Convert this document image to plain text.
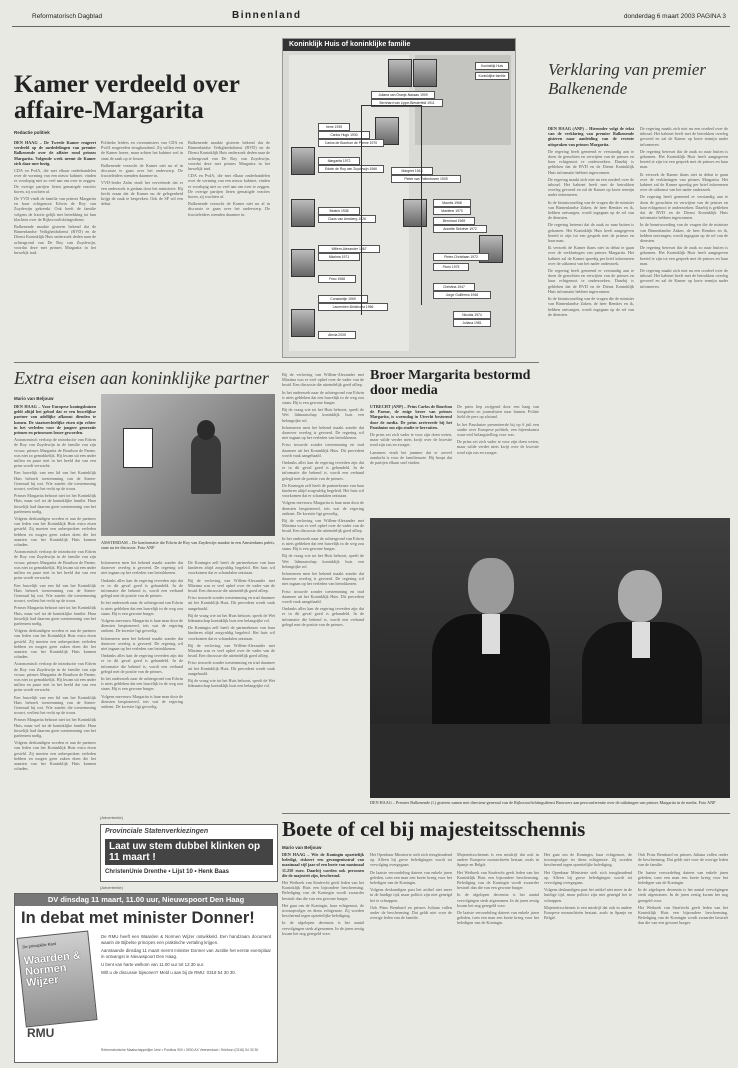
Reformatorisch Dagblad	Binnenland	donderdag 6 maart 2003 PAGINA 3
Kamer verdeeld over affaire-Margarita
Redactie politiek

DEN HAAG – De Tweede Kamer reageert verdeeld op de mededelingen van premier Balkenende over de affaire rond prinses Margarita. Volgende week neemt de Kamer zich daar mee bezig.

CDA en PvdA, die met elkaar onderhandelen over de vorming van een nieuw kabinet, vinden er voorlopig niet zo veel aan om over te zeggen. De overige partijen lieten gematigde reacties horen, zij wachten af.

De VVD vindt de familie van prinses Margarita en haar echtgenoot Edwin de Roy van Zuydewijn gekrenkt. Ook heeft de familie volgens de fractie gelijk met betrekking tot hun klachten over de Rijksvoorlichtingsdienst.

Balkenende maakte gisteren bekend dat de Binnenlandse Veiligheidsdienst (BVD) en de Dienst Koninklijk Huis onderzoek deden naar de achtergrond van De Roy van Zuydewijn, voordat deze met prinses Margarita in het huwelijk trad.

Politieke leiders en viceministers van CDA en PvdA reageerden terughoudend. Zij willen eerst de Kamer horen, maar achten het kabinet wel in staat de zaak op te lossen.

Balkenende verzocht de Kamer niet nu al in discussie te gaan over het onderwerp. De fractieleiders stemden daarmee in.

VVD-leider Zalm vindt het vervelende dat er een onderzoek is gedaan door het ministerie. Hij hecht eraan dat de Kamer nu de gelegenheid krijgt de zaak te bespreken. Ook de SP wil een debat.

Balkenende maakte gisteren bekend dat de Binnenlandse Veiligheidsdienst (BVD) en de Dienst Koninklijk Huis onderzoek deden naar de achtergrond van De Roy van Zuydewijn, voordat deze met prinses Margarita in het huwelijk trad.

CDA en PvdA, die met elkaar onderhandelen over de vorming van een nieuw kabinet, vinden er voorlopig niet zo veel aan om over te zeggen. De overige partijen lieten gematigde reacties horen, zij wachten af.

Balkenende verzocht de Kamer niet nu al in discussie te gaan over het onderwerp. De fractieleiders stemden daarmee in.

Koninklijk Huis of koninklijke familie
Koninklijk Huis
Koninklijke familie
Juliana van Oranje-Nassau 1909
Bernhard van Lippe-Biesterfeld 1911
Irene 1939
Carlos Hugo 1930
Carlos de Bourbon de Parme 1970
Margarita 1972
Edwin de Roy van Zuydewijn 1966
Beatrix 1938
Claus van Amsberg 1926
Willem-Alexander 1967
Máxima 1971
Friso 1968
Constantijn 1969
Laurentien Brinkhorst 1966
Margriet 1943
Pieter van Vollenhoven 1939
Maurits 1968
Marilène 1970
Bernhard 1969
Annette Sekrève 1972
Pieter-Christiaan 1972
Floris 1975
Christina 1947
Jorge Guillermo 1946
Nicolás 1974
Juliana 1981
Alexia 2005
Verklaring van premier Balkenende

DEN HAAG (ANP) – Hieronder volgt de tekst van de verklaring van premier Balkenende gisteren naar aanleiding van de recente uitspraken van prinses Margarita.

De regering heeft gemeend er verstandig aan te doen de geruchten en verwijten van de prinses en haar echtgenoot te onderzoeken. Daarbij is gebleken dat de BVD en de Dienst Koninklijk Huis informatie hebben ingewonnen.

De regering maakt zich niet nu een oordeel over de inhoud. Het kabinet heeft met de betrokken overleg gevoerd en zal de Kamer op korte termijn nader informeren.

In de beantwoording van de vragen die de minister van Binnenlandse Zaken, de heer Remkes en ik, hebben ontvangen, wordt ingegaan op de rol van de diensten.

De regering betreurt dat de zaak zo naar buiten is gekomen. Het Koninklijk Huis heeft aangegeven bereid te zijn tot een gesprek met de prinses en haar man.

Ik verzoek de Kamer thans niet in debat te gaan over de verklaringen van prinses Margarita. Het kabinet zal de Kamer spoedig per brief informeren over de uitkomst van het nader onderzoek.

De regering heeft gemeend er verstandig aan te doen de geruchten en verwijten van de prinses en haar echtgenoot te onderzoeken. Daarbij is gebleken dat de BVD en de Dienst Koninklijk Huis informatie hebben ingewonnen.

In de beantwoording van de vragen die de minister van Binnenlandse Zaken, de heer Remkes en ik, hebben ontvangen, wordt ingegaan op de rol van de diensten.

De regering maakt zich niet nu een oordeel over de inhoud. Het kabinet heeft met de betrokken overleg gevoerd en zal de Kamer op korte termijn nader informeren.

De regering betreurt dat de zaak zo naar buiten is gekomen. Het Koninklijk Huis heeft aangegeven bereid te zijn tot een gesprek met de prinses en haar man.

Ik verzoek de Kamer thans niet in debat te gaan over de verklaringen van prinses Margarita. Het kabinet zal de Kamer spoedig per brief informeren over de uitkomst van het nader onderzoek.

De regering heeft gemeend er verstandig aan te doen de geruchten en verwijten van de prinses en haar echtgenoot te onderzoeken. Daarbij is gebleken dat de BVD en de Dienst Koninklijk Huis informatie hebben ingewonnen.

In de beantwoording van de vragen die de minister van Binnenlandse Zaken, de heer Remkes en ik, hebben ontvangen, wordt ingegaan op de rol van de diensten.

De regering betreurt dat de zaak zo naar buiten is gekomen. Het Koninklijk Huis heeft aangegeven bereid te zijn tot een gesprek met de prinses en haar man.

De regering maakt zich niet nu een oordeel over de inhoud. Het kabinet heeft met de betrokken overleg gevoerd en zal de Kamer op korte termijn nader informeren.

Extra eisen aan koninklijke partner
Mario van Beljouw

DEN HAAG – Voor Europese koningshuizen geldt altijd het gebod dat er een huwelijkse partner van adellijke afkomst dienden te komen. De staatsrechtelijke eisen zijn echter in het verleden voor de jongere generatie prinsen en prinsessen losser geworden.

Astronomisch verloop de introductie van Edwin de Roy van Zuydewijn in de familie van zijn vrouw, prinses Margarita de Bourbon de Parme, was niet zo gemakkelijk. Hij kwam uit een ander milieu en paste niet in het beeld dat van een prins wordt verwacht.

Een huwelijk van een lid van het Koninklijk Huis behoeft toestemming van de Staten-Generaal bij wet. Wie zonder die toestemming trouwt, verliest het recht op de troon.

Prinses Margarita behoort niet tot het Koninklijk Huis, maar wel tot de koninklijke familie. Haar huwelijk had daarom geen toestemming van het parlement nodig.

Volgens deskundigen worden er aan de partners van leden van het Koninklijk Huis extra eisen gesteld. Zij moeten een onbesproken verleden hebben en mogen geen zaken doen die het aanzien van het Koninklijk Huis kunnen schaden.

Astronomisch verloop de introductie van Edwin de Roy van Zuydewijn in de familie van zijn vrouw, prinses Margarita de Bourbon de Parme, was niet zo gemakkelijk. Hij kwam uit een ander milieu en paste niet in het beeld dat van een prins wordt verwacht.

Een huwelijk van een lid van het Koninklijk Huis behoeft toestemming van de Staten-Generaal bij wet. Wie zonder die toestemming trouwt, verliest het recht op de troon.

Prinses Margarita behoort niet tot het Koninklijk Huis, maar wel tot de koninklijke familie. Haar huwelijk had daarom geen toestemming van het parlement nodig.

Volgens deskundigen worden er aan de partners van leden van het Koninklijk Huis extra eisen gesteld. Zij moeten een onbesproken verleden hebben en mogen geen zaken doen die het aanzien van het Koninklijk Huis kunnen schaden.

Astronomisch verloop de introductie van Edwin de Roy van Zuydewijn in de familie van zijn vrouw, prinses Margarita de Bourbon de Parme, was niet zo gemakkelijk. Hij kwam uit een ander milieu en paste niet in het beeld dat van een prins wordt verwacht.

Een huwelijk van een lid van het Koninklijk Huis behoeft toestemming van de Staten-Generaal bij wet. Wie zonder die toestemming trouwt, verliest het recht op de troon.

Prinses Margarita behoort niet tot het Koninklijk Huis, maar wel tot de koninklijke familie. Haar huwelijk had daarom geen toestemming van het parlement nodig.

Volgens deskundigen worden er aan de partners van leden van het Koninklijk Huis extra eisen gesteld. Zij moeten een onbesproken verleden hebben en mogen geen zaken doen die het aanzien van het Koninklijk Huis kunnen schaden.

AMSTERDAM – De konfrontatie die Edwin de Roy van Zuydewijn maakte in een Amsterdams paleis, staat nu ter discussie. Foto ANP

Informeren men het bekend maakt zonder dat daarover overleg is gevoerd. De regering wil niet ingaan op het verleden van betrokkenen.

Ondanks alles kan de regering tevreden zijn dat er in dit geval goed is gehandeld. In de informatie die bekend is, wordt een verband gelegd met de positie van de prinses.

In het onderzoek naar de achtergrond van Edwin is niets gebleken dat een huwelijk in de weg zou staan. Hij is een gewone burger.

Volgens mevrouw Margarita is haar man door de diensten bespioneerd, iets wat de regering ontkent. De kwestie ligt gevoelig.

Informeren men het bekend maakt zonder dat daarover overleg is gevoerd. De regering wil niet ingaan op het verleden van betrokkenen.

Ondanks alles kan de regering tevreden zijn dat er in dit geval goed is gehandeld. In de informatie die bekend is, wordt een verband gelegd met de positie van de prinses.

In het onderzoek naar de achtergrond van Edwin is niets gebleken dat een huwelijk in de weg zou staan. Hij is een gewone burger.

Volgens mevrouw Margarita is haar man door de diensten bespioneerd, iets wat de regering ontkent. De kwestie ligt gevoelig.

De Koningin zelf heeft de partnerkeuze van haar kinderen altijd zorgvuldig begeleid. Het huis wil voorkomen dat er schandalen ontstaan.

Bij de verloving van Willem-Alexander met Máxima was er veel ophef over de vader van de bruid. Een discussie die uiteindelijk goed afliep.

Friso trouwde zonder toestemming en trad daarmee uit het Koninklijk Huis. Dit precedent wordt vaak aangehaald.

Bij de vraag wie tot het Huis behoort, speelt de Wet lidmaatschap koninklijk huis een belangrijke rol.

De Koningin zelf heeft de partnerkeuze van haar kinderen altijd zorgvuldig begeleid. Het huis wil voorkomen dat er schandalen ontstaan.

Bij de verloving van Willem-Alexander met Máxima was er veel ophef over de vader van de bruid. Een discussie die uiteindelijk goed afliep.

Friso trouwde zonder toestemming en trad daarmee uit het Koninklijk Huis. Dit precedent wordt vaak aangehaald.

Bij de vraag wie tot het Huis behoort, speelt de Wet lidmaatschap koninklijk huis een belangrijke rol.

Bij de verloving van Willem-Alexander met Máxima was er veel ophef over de vader van de bruid. Een discussie die uiteindelijk goed afliep.

In het onderzoek naar de achtergrond van Edwin is niets gebleken dat een huwelijk in de weg zou staan. Hij is een gewone burger.

Bij de vraag wie tot het Huis behoort, speelt de Wet lidmaatschap koninklijk huis een belangrijke rol.

Informeren men het bekend maakt zonder dat daarover overleg is gevoerd. De regering wil niet ingaan op het verleden van betrokkenen.

Friso trouwde zonder toestemming en trad daarmee uit het Koninklijk Huis. Dit precedent wordt vaak aangehaald.

Ondanks alles kan de regering tevreden zijn dat er in dit geval goed is gehandeld. In de informatie die bekend is, wordt een verband gelegd met de positie van de prinses.

De Koningin zelf heeft de partnerkeuze van haar kinderen altijd zorgvuldig begeleid. Het huis wil voorkomen dat er schandalen ontstaan.

Volgens mevrouw Margarita is haar man door de diensten bespioneerd, iets wat de regering ontkent. De kwestie ligt gevoelig.

Bij de verloving van Willem-Alexander met Máxima was er veel ophef over de vader van de bruid. Een discussie die uiteindelijk goed afliep.

In het onderzoek naar de achtergrond van Edwin is niets gebleken dat een huwelijk in de weg zou staan. Hij is een gewone burger.

Bij de vraag wie tot het Huis behoort, speelt de Wet lidmaatschap koninklijk huis een belangrijke rol.

Informeren men het bekend maakt zonder dat daarover overleg is gevoerd. De regering wil niet ingaan op het verleden van betrokkenen.

Friso trouwde zonder toestemming en trad daarmee uit het Koninklijk Huis. Dit precedent wordt vaak aangehaald.

Ondanks alles kan de regering tevreden zijn dat er in dit geval goed is gehandeld. In de informatie die bekend is, wordt een verband gelegd met de positie van de prinses.

Broer Margarita bestormd door media

UTRECHT (ANP) – Prins Carlos de Bourbon de Parme, de enige broer van prinses Margarita, is woensdag in Utrecht bestormd door de media. De prins arriveerde bij het Paushuize om zijn studie te hervatten.

De prins zei zich vader te voor zijn doen weten, maar wilde verder niets kwijt over de kwestie rond zijn zus en zwager.

Lammers vindt het jammer dat er zoveel aandacht is voor de familieruzie. Hij hoopt dat de partijen elkaar snel vinden.

De prins liep zwijgend door een haag van fotografen en journalisten naar binnen. Politie hield de pers op afstand.

In het Paushuize presenteerde hij op 6 juli een studie over Europese politiek, een bijeenkomst waar veel belangstelling voor was.

De prins zei zich vader te voor zijn doen weten, maar wilde verder niets kwijt over de kwestie rond zijn zus en zwager.

DEN HAAG – Premier Balkenende (l.) gisteren samen met directeur-generaal van de Rijksvoorlichtingsdienst Brouwers aan persconferentie over de uitlatingen van prinses Margarita in de media. Foto ANP
Boete of cel bij majesteitsschennis
Mario van Beljouw

DEN HAAG – Wie de Koningin opzettelijk beledigt, riskeert een gevangenisstraf van maximaal vijf jaar of een boete van maximaal 11.250 euro. Daarbij worden ook personen die de majesteit zijn, beschermd.

Het Wetboek van Strafrecht geeft leden van het Koninklijk Huis een bijzondere bescherming. Belediging van de Koningin wordt zwaarder bestraft dan die van een gewone burger.

Het gaat om de Koningin, haar echtgenoot, de troonopvolger en diens echtgenote. Zij worden beschermd tegen opzettelijke belediging.

In de afgelopen decennia is het aantal vervolgingen sterk afgenomen. In de jaren zestig kwam het nog geregeld voor.

Het Openbaar Ministerie stelt zich terughoudend op. Alleen bij grove beledigingen wordt tot vervolging overgegaan.

De laatste veroordeling dateert van enkele jaren geleden, toen een man een boete kreeg voor het beledigen van de Koningin.

Volgens deskundigen past het artikel niet meer in de huidige tijd, maar politici zijn niet geneigd het te schrappen.

Ook Prins Bernhard en prinses Juliana vallen onder de bescherming. Dat geldt niet voor de overige leden van de familie.

Majesteitsschennis is een misdrijf dat ook in andere Europese monarchieën bestaat, zoals in Spanje en België.

Het Wetboek van Strafrecht geeft leden van het Koninklijk Huis een bijzondere bescherming. Belediging van de Koningin wordt zwaarder bestraft dan die van een gewone burger.

In de afgelopen decennia is het aantal vervolgingen sterk afgenomen. In de jaren zestig kwam het nog geregeld voor.

De laatste veroordeling dateert van enkele jaren geleden, toen een man een boete kreeg voor het beledigen van de Koningin.

Het gaat om de Koningin, haar echtgenoot, de troonopvolger en diens echtgenote. Zij worden beschermd tegen opzettelijke belediging.

Het Openbaar Ministerie stelt zich terughoudend op. Alleen bij grove beledigingen wordt tot vervolging overgegaan.

Volgens deskundigen past het artikel niet meer in de huidige tijd, maar politici zijn niet geneigd het te schrappen.

Majesteitsschennis is een misdrijf dat ook in andere Europese monarchieën bestaat, zoals in Spanje en België.

Ook Prins Bernhard en prinses Juliana vallen onder de bescherming. Dat geldt niet voor de overige leden van de familie.

De laatste veroordeling dateert van enkele jaren geleden, toen een man een boete kreeg voor het beledigen van de Koningin.

In de afgelopen decennia is het aantal vervolgingen sterk afgenomen. In de jaren zestig kwam het nog geregeld voor.

Het Wetboek van Strafrecht geeft leden van het Koninklijk Huis een bijzondere bescherming. Belediging van de Koningin wordt zwaarder bestraft dan die van een gewone burger.

(Advertentie)
Provinciale Statenverkiezingen
Laat uw stem dubbel klinken op 11 maart !
ChristenUnie Drenthe • Lijst 10 • Henk Baas
(Advertentie)
DV dinsdag 11 maart, 11.00 uur, Nieuwspoort Den Haag
In debat met minister Donner!
De principiële Kant
Waarden & Normen Wijzer
RMU

De RMU heeft een Waarden & Normen Wijzer ontwikkeld. Een handzaam document waarin de Bijbelse principes een praktische vertaling krijgen.

Aanstaande dinsdag 11 maart neemt minister Donner van Justitie het eerste exemplaar in ontvangst in Nieuwspoort Den Haag.

U bent van harte welkom van 11.00 uur tot 12.30 uur.

Wilt u de discussie bijwonen? Meld u aan bij de RMU: 0318 54 30 30.

Reformatorische Maatschappelijke Unie • Postbus 900 • 3900 AX Veenendaal • Telefoon (0318) 54 30 30
